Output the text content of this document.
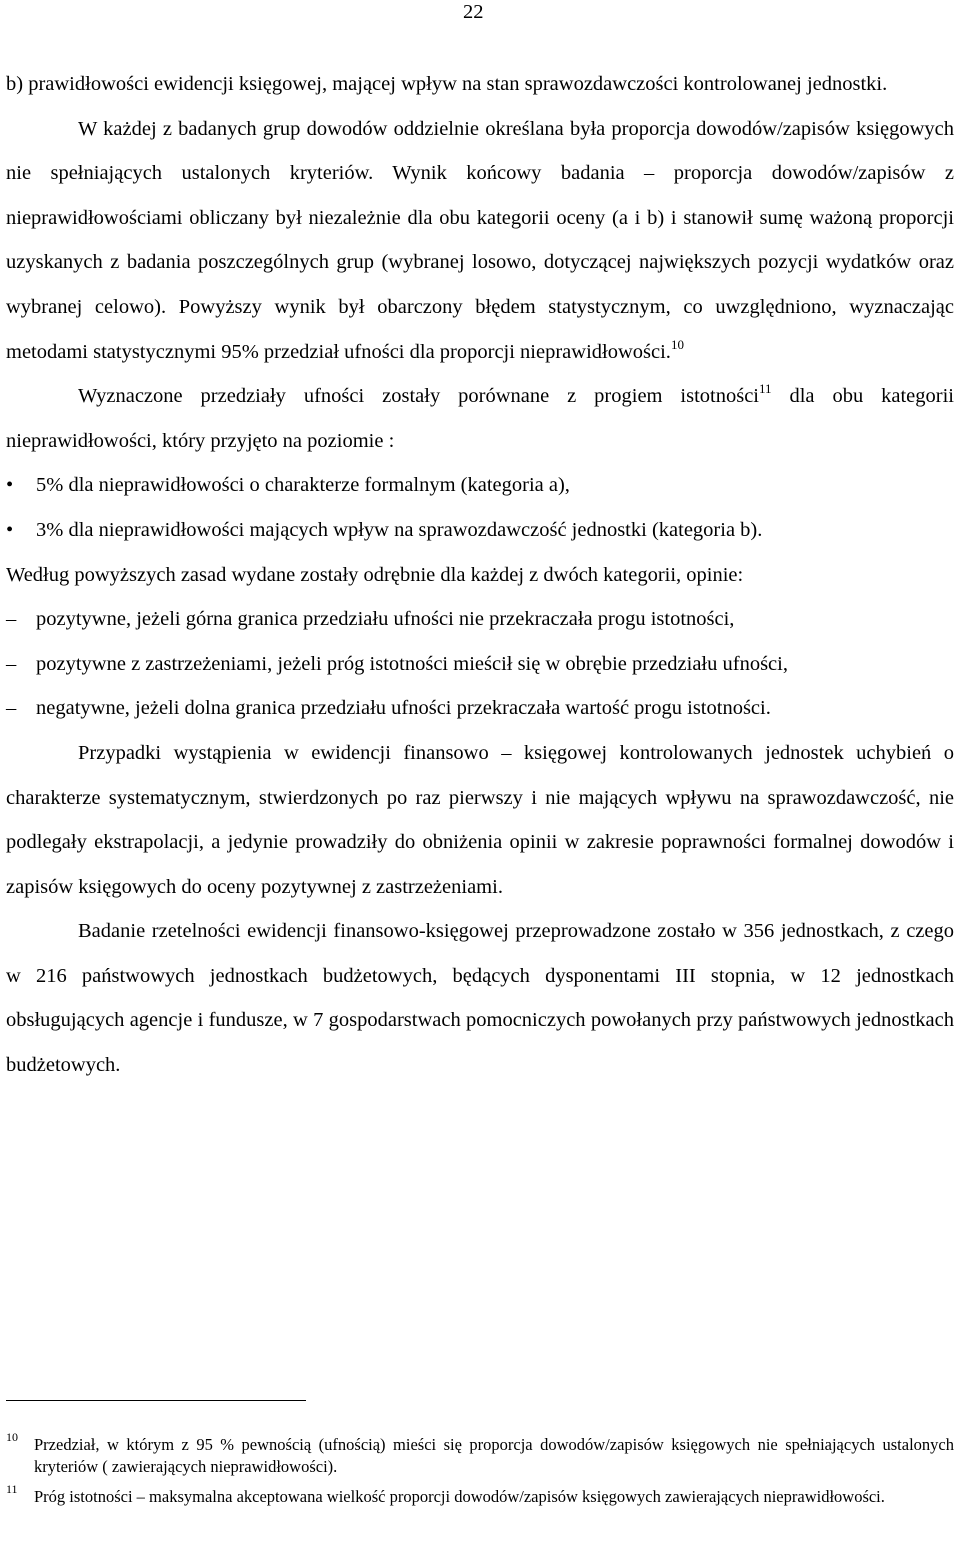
22

b) prawidłowości ewidencji księgowej, mającej wpływ na stan sprawozdawczości kontrolowanej jednostki.

W każdej z badanych grup dowodów oddzielnie określana była proporcja dowodów/zapisów księgowych nie spełniających ustalonych kryteriów. Wynik końcowy badania – proporcja dowodów/zapisów z nieprawidłowościami obliczany był niezależnie dla obu kategorii oceny (a i b) i stanowił sumę ważoną proporcji uzyskanych z badania poszczególnych grup (wybranej losowo, dotyczącej największych pozycji wydatków oraz wybranej celowo). Powyższy wynik był obarczony błędem statystycznym, co uwzględniono, wyznaczając metodami statystycznymi 95% przedział ufności dla proporcji nieprawidłowości.$^{10}$

Wyznaczone przedziały ufności zostały porównane z progiem istotności$^{11}$ dla obu kategorii nieprawidłowości, który przyjęto na poziomie :

• 5% dla nieprawidłowości o charakterze formalnym (kategoria a),
• 3% dla nieprawidłowości mających wpływ na sprawozdawczość jednostki (kategoria b).

Według powyższych zasad wydane zostały odrębnie dla każdej z dwóch kategorii, opinie:

– pozytywne, jeżeli górna granica przedziału ufności nie przekraczała progu istotności,
– pozytywne z zastrzeżeniami, jeżeli próg istotności mieścił się w obrębie przedziału ufności,
– negatywne, jeżeli dolna granica przedziału ufności przekraczała wartość progu istotności.

Przypadki wystąpienia w ewidencji finansowo – księgowej kontrolowanych jednostek uchybień o charakterze systematycznym, stwierdzonych po raz pierwszy i nie mających wpływu na sprawozdawczość, nie podlegały ekstrapolacji, a jedynie prowadziły do obniżenia opinii w zakresie poprawności formalnej dowodów i zapisów księgowych do oceny pozytywnej z zastrzeżeniami.

Badanie rzetelności ewidencji finansowo-księgowej przeprowadzone zostało w 356 jednostkach, z czego w 216 państwowych jednostkach budżetowych, będących dysponentami III stopnia, w 12 jednostkach obsługujących agencje i fundusze, w 7 gospodarstwach pomocniczych powołanych przy państwowych jednostkach budżetowych.

10 Przedział, w którym z 95 % pewnością (ufnością) mieści się proporcja dowodów/zapisów księgowych nie spełniających ustalonych kryteriów ( zawierających nieprawidłowości).
11 Próg istotności – maksymalna akceptowana wielkość proporcji dowodów/zapisów księgowych zawierających nieprawidłowości.
